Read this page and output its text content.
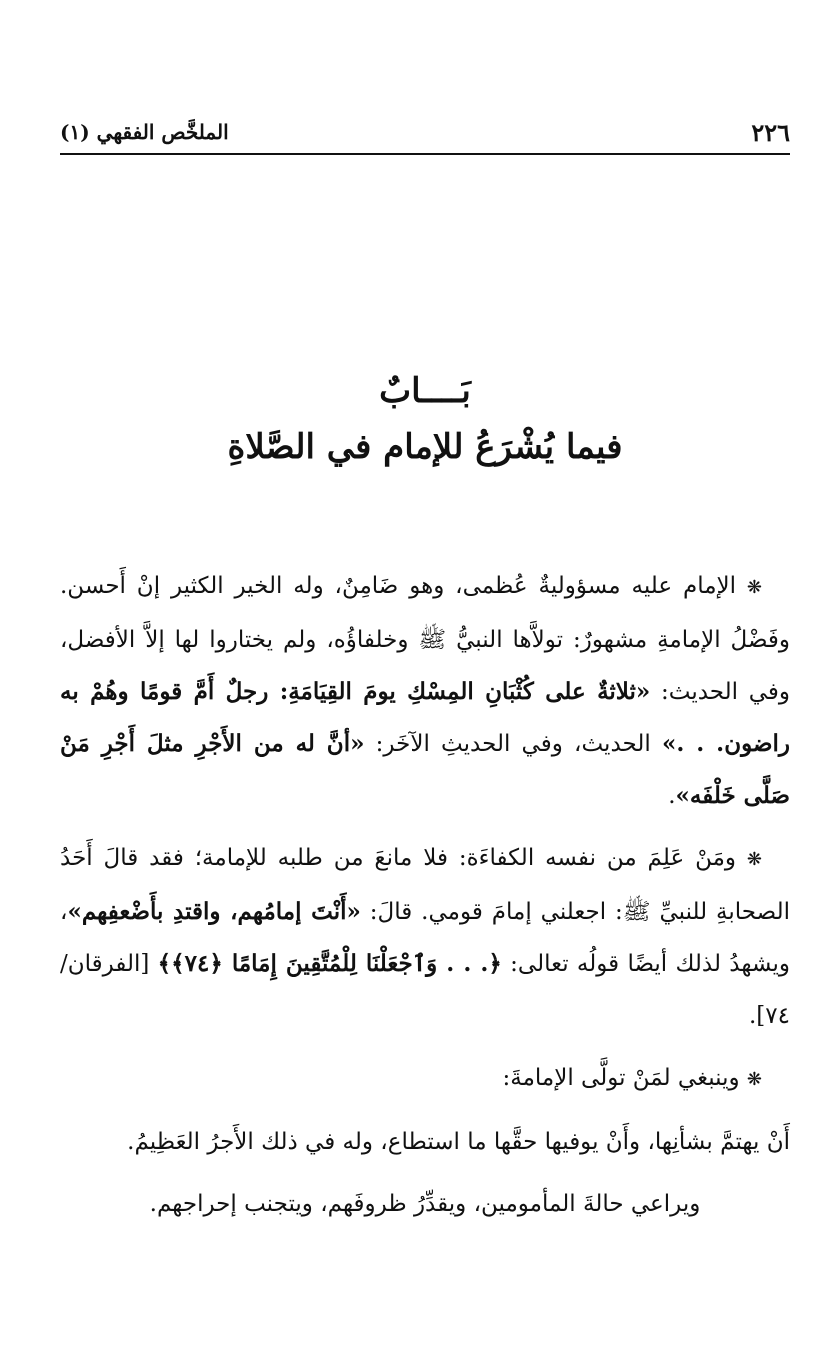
٢٢٦
الملخَّص الفقهي (١)
بَــــابٌ
فيما يُشْرَعُ للإمام في الصَّلاةِ

❋ الإمام عليه مسؤوليةٌ عُظمى، وهو ضَامِنٌ، وله الخير الكثير إنْ أَحسن. وفَضْلُ الإمامةِ مشهورٌ: تولاَّها النبيُّ ﷺ وخلفاؤُه، ولم يختاروا لها إلاَّ الأفضل، وفي الحديث: «ثلاثةٌ على كُثْبَانِ المِسْكِ يومَ القِيَامَةِ: رجلٌ أَمَّ قومًا وهُمْ به راضون. . .» الحديث، وفي الحديثِ الآخَر: «أنَّ له من الأَجْرِ مثلَ أَجْرِ مَنْ صَلَّى خَلْفَه».

❋ ومَنْ عَلِمَ من نفسه الكفاءَة: فلا مانعَ من طلبه للإمامة؛ فقد قالَ أَحَدُ الصحابةِ للنبيِّ ﷺ: اجعلني إمامَ قومي. قالَ: «أَنْتَ إمامُهم، واقتدِ بأَضْعفِهم»، ويشهدُ لذلك أيضًا قولُه تعالى: ﴿. . . وَٱجْعَلْنَا لِلْمُتَّقِينَ إِمَامًا ﴿٧٤﴾﴾ [الفرقان/ ٧٤].

❋ وينبغي لمَنْ تولَّى الإمامةَ:

أَنْ يهتمَّ بشأنِها، وأَنْ يوفيها حقَّها ما استطاع، وله في ذلك الأَجرُ العَظِيمُ.

ويراعي حالةَ المأمومين، ويقدِّرُ ظروفَهم، ويتجنب إحراجهم.
